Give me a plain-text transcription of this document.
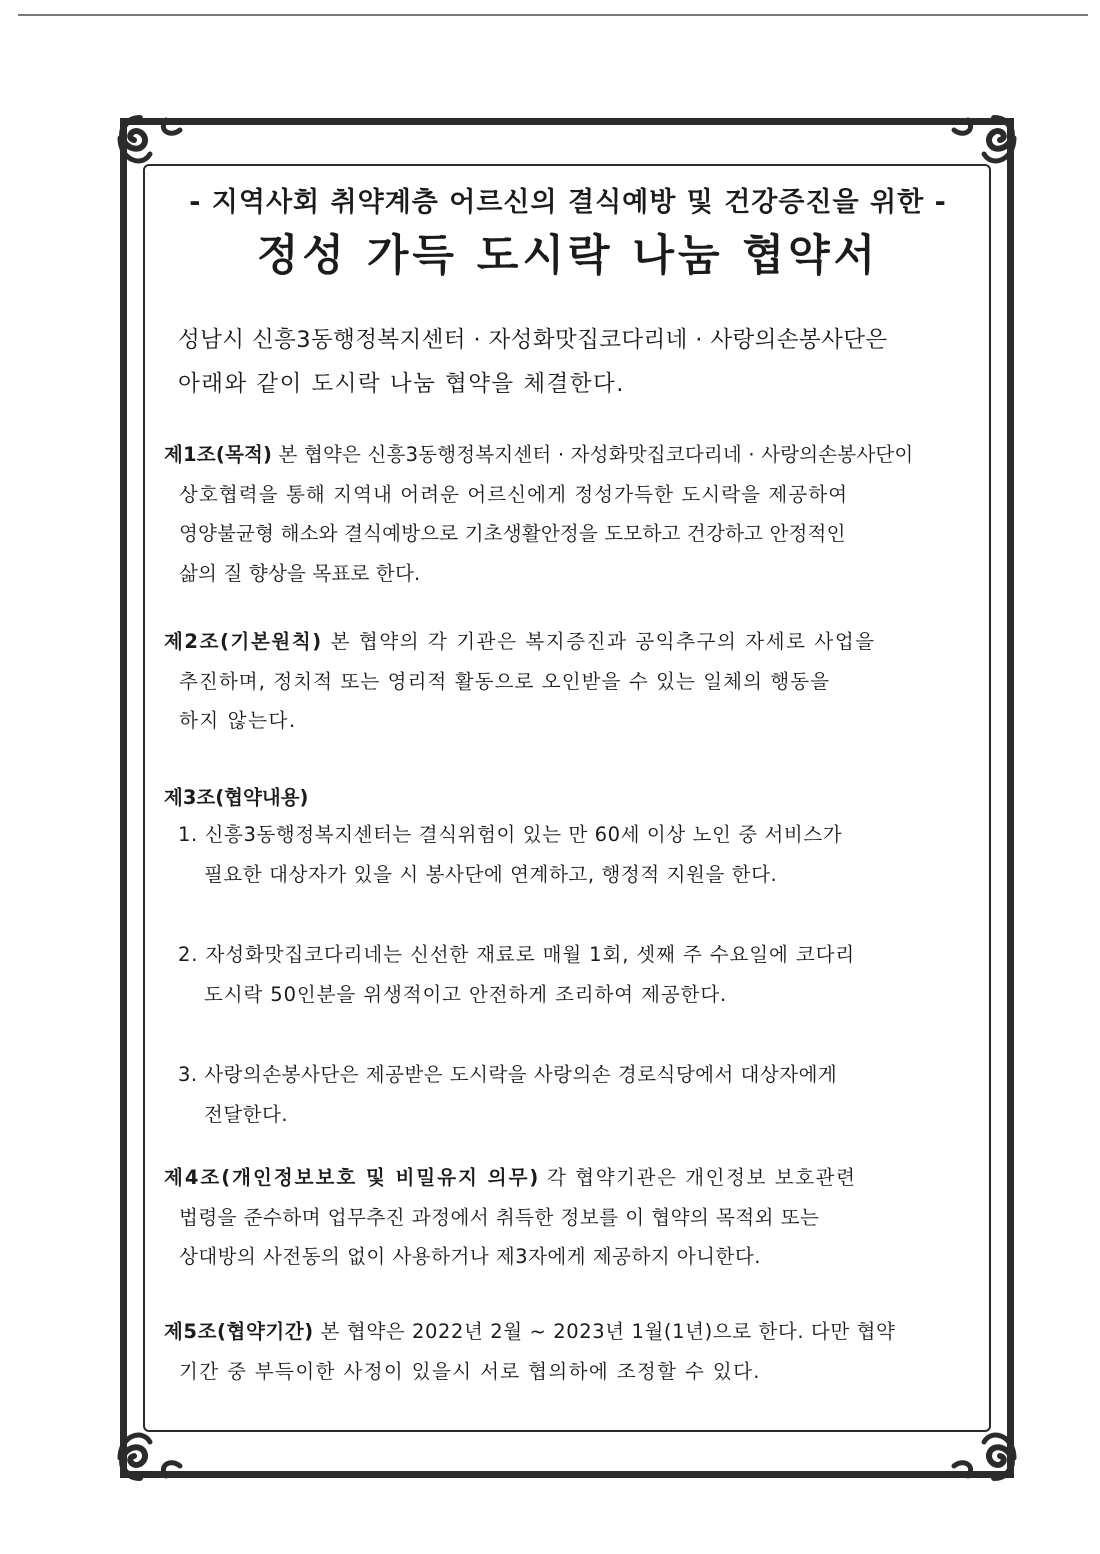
- 지역사회 취약계층 어르신의 결식예방 및 건강증진을 위한 -
정성 가득 도시락 나눔 협약서
성남시 신흥3동행정복지센터 · 자성화맛집코다리네 · 사랑의손봉사단은
아래와 같이 도시락 나눔 협약을 체결한다.
제1조(목적) 본 협약은 신흥3동행정복지센터 · 자성화맛집코다리네 · 사랑의손봉사단이
상호협력을 통해 지역내 어려운 어르신에게 정성가득한 도시락을 제공하여
영양불균형 해소와 결식예방으로 기초생활안정을 도모하고 건강하고 안정적인
삶의 질 향상을 목표로 한다.
제2조(기본원칙) 본 협약의 각 기관은 복지증진과 공익추구의 자세로 사업을
추진하며, 정치적 또는 영리적 활동으로 오인받을 수 있는 일체의 행동을
하지 않는다.
제3조(협약내용)
1. 신흥3동행정복지센터는 결식위험이 있는 만 60세 이상 노인 중 서비스가
필요한 대상자가 있을 시 봉사단에 연계하고, 행정적 지원을 한다.
2. 자성화맛집코다리네는 신선한 재료로 매월 1회, 셋째 주 수요일에 코다리
도시락 50인분을 위생적이고 안전하게 조리하여 제공한다.
3. 사랑의손봉사단은 제공받은 도시락을 사랑의손 경로식당에서 대상자에게
전달한다.
제4조(개인정보보호 및 비밀유지 의무) 각 협약기관은 개인정보 보호관련
법령을 준수하며 업무추진 과정에서 취득한 정보를 이 협약의 목적외 또는
상대방의 사전동의 없이 사용하거나 제3자에게 제공하지 아니한다.
제5조(협약기간) 본 협약은 2022년 2월 ~ 2023년 1월(1년)으로 한다. 다만 협약
기간 중 부득이한 사정이 있을시 서로 협의하에 조정할 수 있다.
